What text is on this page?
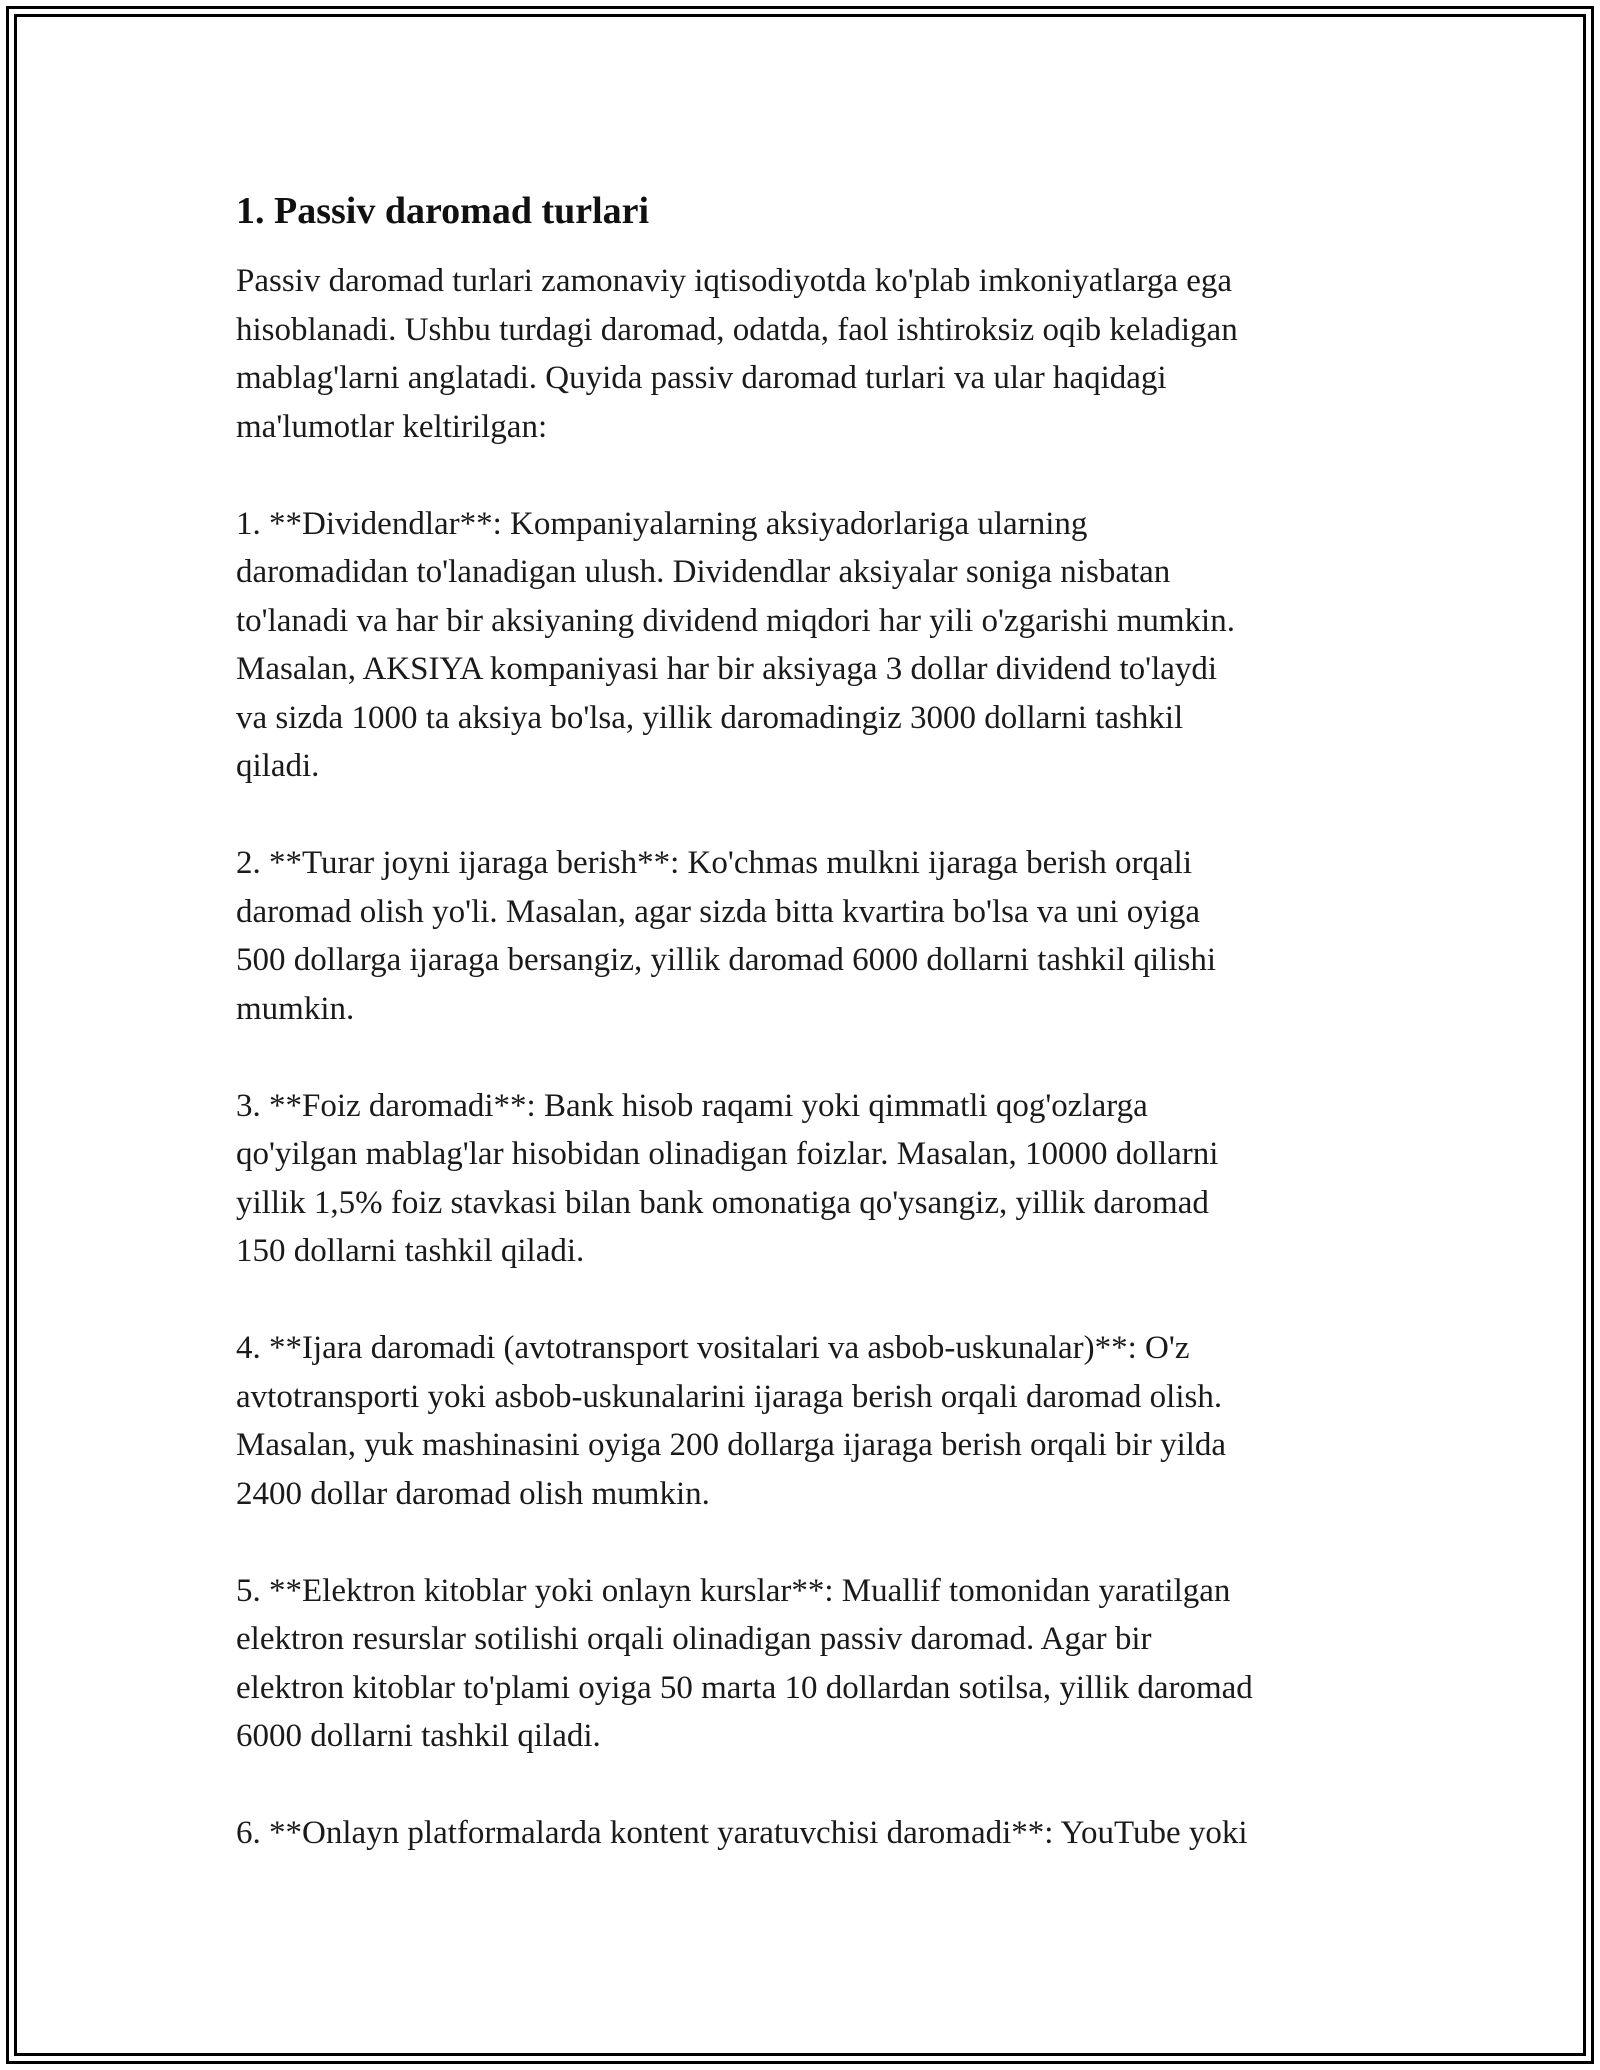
1. Passiv daromad turlari

Passiv daromad turlari zamonaviy iqtisodiyotda ko'plab imkoniyatlarga ega
hisoblanadi. Ushbu turdagi daromad, odatda, faol ishtiroksiz oqib keladigan
mablag'larni anglatadi. Quyida passiv daromad turlari va ular haqidagi
ma'lumotlar keltirilgan:

1. **Dividendlar**: Kompaniyalarning aksiyadorlariga ularning
daromadidan to'lanadigan ulush. Dividendlar aksiyalar soniga nisbatan
to'lanadi va har bir aksiyaning dividend miqdori har yili o'zgarishi mumkin.
Masalan, AKSIYA kompaniyasi har bir aksiyaga 3 dollar dividend to'laydi
va sizda 1000 ta aksiya bo'lsa, yillik daromadingiz 3000 dollarni tashkil
qiladi.

2. **Turar joyni ijaraga berish**: Ko'chmas mulkni ijaraga berish orqali
daromad olish yo'li. Masalan, agar sizda bitta kvartira bo'lsa va uni oyiga
500 dollarga ijaraga bersangiz, yillik daromad 6000 dollarni tashkil qilishi
mumkin.

3. **Foiz daromadi**: Bank hisob raqami yoki qimmatli qog'ozlarga
qo'yilgan mablag'lar hisobidan olinadigan foizlar. Masalan, 10000 dollarni
yillik 1,5% foiz stavkasi bilan bank omonatiga qo'ysangiz, yillik daromad
150 dollarni tashkil qiladi.

4. **Ijara daromadi (avtotransport vositalari va asbob-uskunalar)**: O'z
avtotransporti yoki asbob-uskunalarini ijaraga berish orqali daromad olish.
Masalan, yuk mashinasini oyiga 200 dollarga ijaraga berish orqali bir yilda
2400 dollar daromad olish mumkin.

5. **Elektron kitoblar yoki onlayn kurslar**: Muallif tomonidan yaratilgan
elektron resurslar sotilishi orqali olinadigan passiv daromad. Agar bir
elektron kitoblar to'plami oyiga 50 marta 10 dollardan sotilsa, yillik daromad
6000 dollarni tashkil qiladi.

6. **Onlayn platformalarda kontent yaratuvchisi daromadi**: YouTube yoki
